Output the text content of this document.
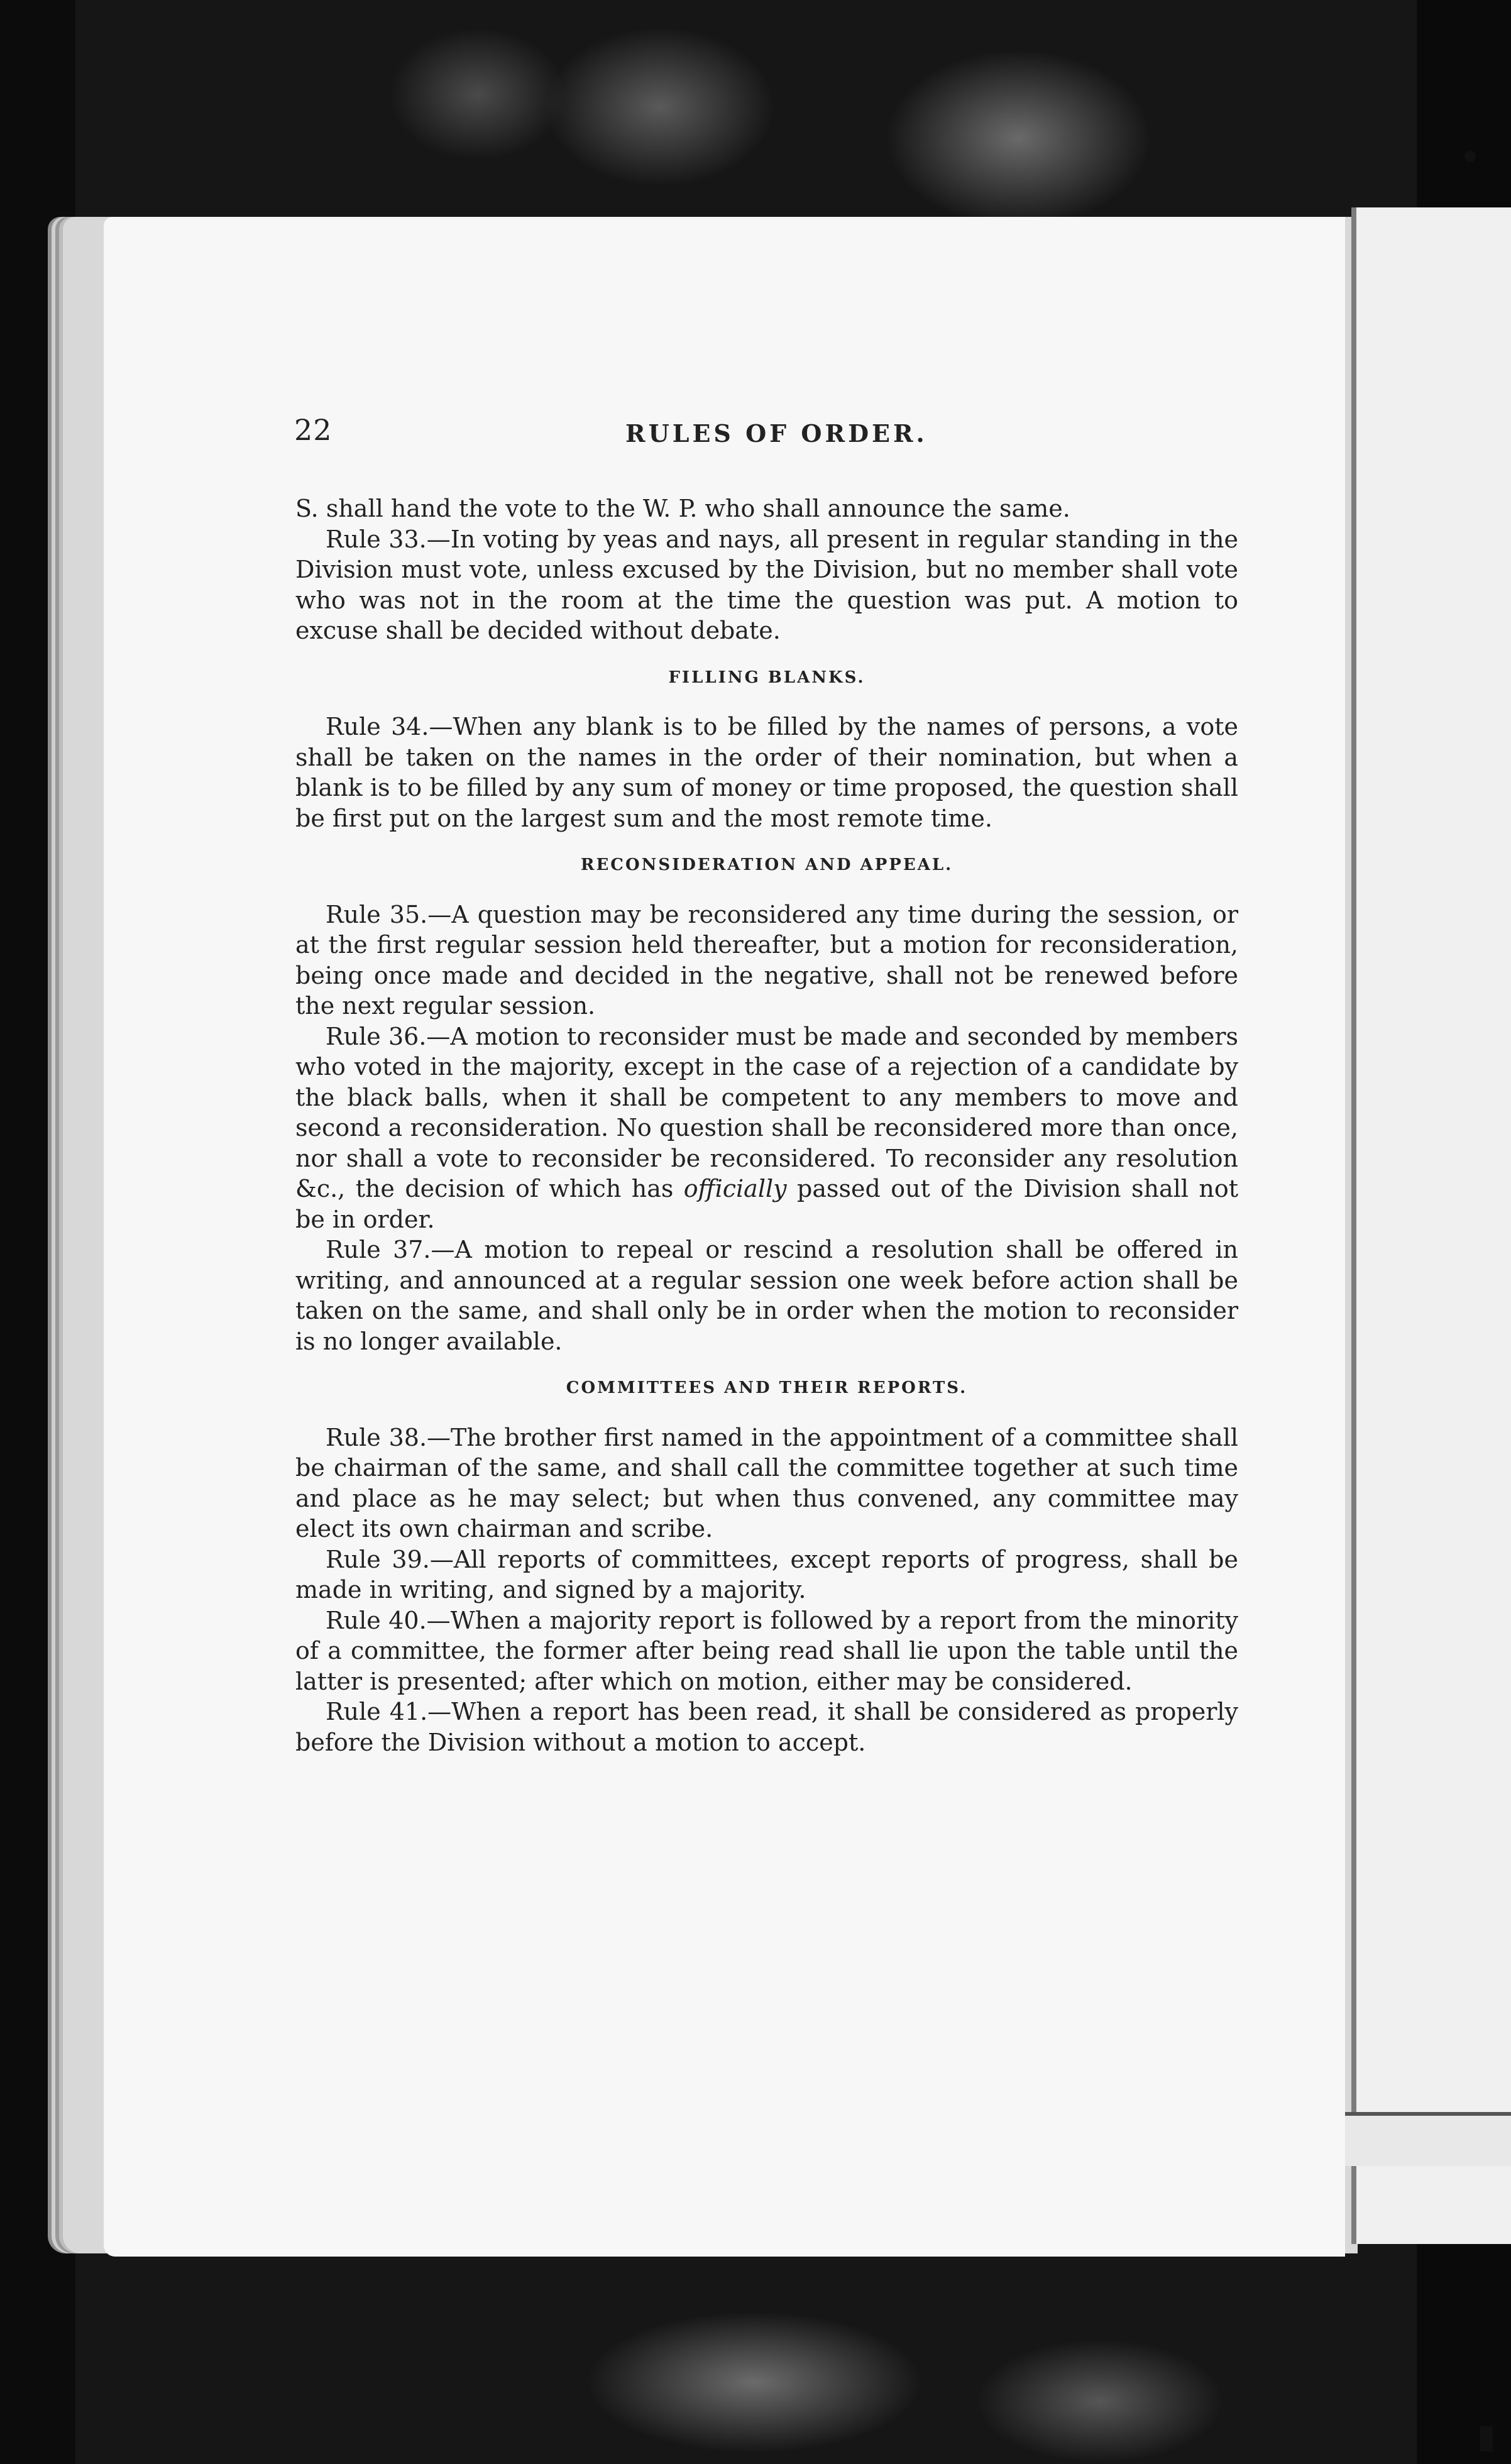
22	RULES OF ORDER.

S. shall hand the vote to the W. P. who shall announce the same.

Rule 33.—In voting by yeas and nays, all present in regular standing in the Division must vote, unless excused by the Division, but no member shall vote who was not in the room at the time the question was put. A motion to excuse shall be decided without debate.

FILLING BLANKS.

Rule 34.—When any blank is to be filled by the names of persons, a vote shall be taken on the names in the order of their nomination, but when a blank is to be filled by any sum of money or time proposed, the question shall be first put on the largest sum and the most remote time.

RECONSIDERATION AND APPEAL.

Rule 35.—A question may be reconsidered any time during the session, or at the first regular session held thereafter, but a motion for reconsideration, being once made and decided in the negative, shall not be renewed before the next regular session.

Rule 36.—A motion to reconsider must be made and seconded by members who voted in the majority, except in the case of a rejection of a candidate by the black balls, when it shall be competent to any members to move and second a reconsideration. No question shall be reconsidered more than once, nor shall a vote to reconsider be reconsidered. To reconsider any resolution &c., the decision of which has officially passed out of the Division shall not be in order.

Rule 37.—A motion to repeal or rescind a resolution shall be offered in writing, and announced at a regular session one week before action shall be taken on the same, and shall only be in order when the motion to reconsider is no longer available.

COMMITTEES AND THEIR REPORTS.

Rule 38.—The brother first named in the appointment of a committee shall be chairman of the same, and shall call the committee together at such time and place as he may select; but when thus convened, any committee may elect its own chairman and scribe.

Rule 39.—All reports of committees, except reports of progress, shall be made in writing, and signed by a majority.

Rule 40.—When a majority report is followed by a report from the minority of a committee, the former after being read shall lie upon the table until the latter is presented; after which on motion, either may be considered.

Rule 41.—When a report has been read, it shall be considered as properly before the Division without a motion to accept.
